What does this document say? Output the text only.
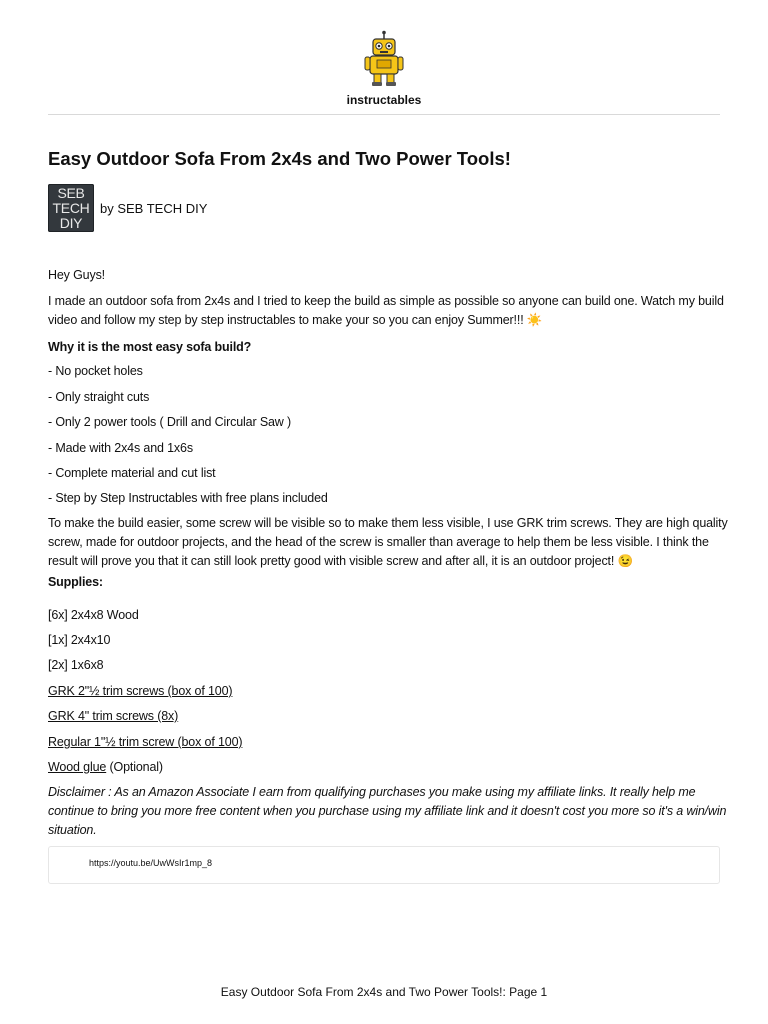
instructables
Easy Outdoor Sofa From 2x4s and Two Power Tools!
SEB
TECH
DIY
by SEB TECH DIY

Hey Guys!

I made an outdoor sofa from 2x4s and I tried to keep the build as simple as possible so anyone can build one. Watch my build video and follow my step by step instructables to make your so you can enjoy Summer!!! ☀️

Why it is the most easy sofa build?

- No pocket holes

- Only straight cuts

- Only 2 power tools ( Drill and Circular Saw )

- Made with 2x4s and 1x6s

- Complete material and cut list

- Step by Step Instructables with free plans included

To make the build easier, some screw will be visible so to make them less visible, I use GRK trim screws. They are high quality screw, made for outdoor projects, and the head of the screw is smaller than average to help them be less visible. I think the result will prove you that it can still look pretty good with visible screw and after all, it is an outdoor project! 😉

Supplies:

[6x] 2x4x8 Wood

[1x] 2x4x10

[2x] 1x6x8

GRK 2"½ trim screws (box of 100)

GRK 4" trim screws (8x)

Regular 1"½ trim screw (box of 100)

Wood glue (Optional)

Disclaimer : As an Amazon Associate I earn from qualifying purchases you make using my affiliate links. It really help me continue to bring you more free content when you purchase using my affiliate link and it doesn't cost you more so it's a win/win situation.

https://youtu.be/UwWsIr1mp_8
Easy Outdoor Sofa From 2x4s and Two Power Tools!: Page 1
